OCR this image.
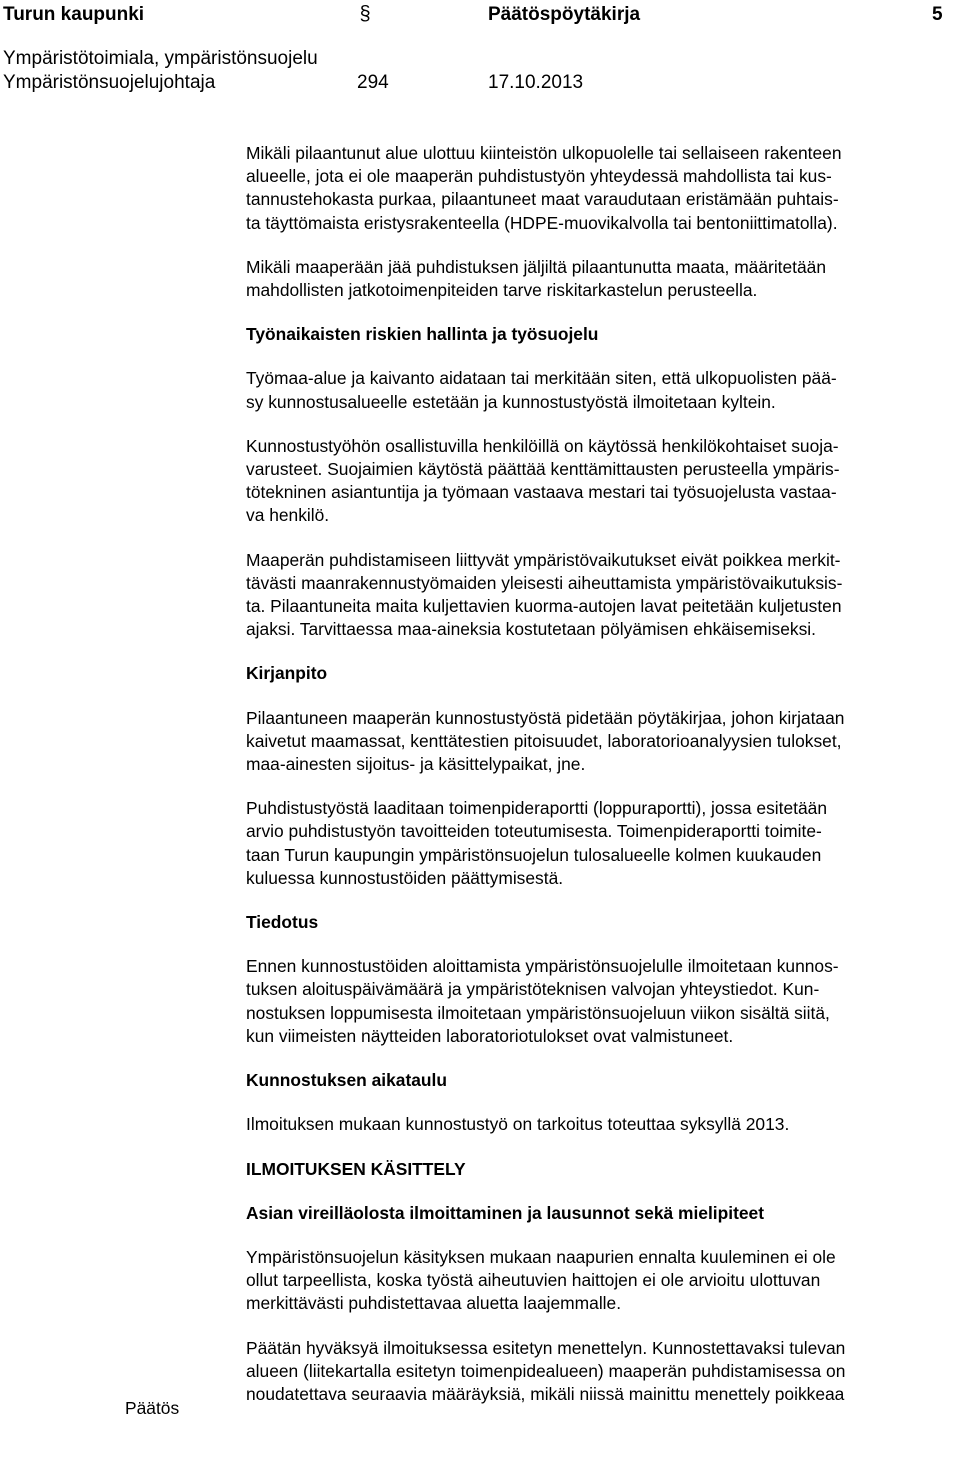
Turun kaupunki	§	Päätöspöytäkirja	5
Ympäristötoimiala, ympäristönsuojelu
Ympäristönsuojelujohtaja	294	17.10.2013

Mikäli pilaantunut alue ulottuu kiinteistön ulkopuolelle tai sellaiseen rakenteen
alueelle, jota ei ole maaperän puhdistustyön yhteydessä mahdollista tai kus-
tannustehokasta purkaa, pilaantuneet maat varaudutaan eristämään puhtais-
ta täyttömaista eristysrakenteella (HDPE-muovikalvolla tai bentoniittimatolla).

Mikäli maaperään jää puhdistuksen jäljiltä pilaantunutta maata, määritetään
mahdollisten jatkotoimenpiteiden tarve riskitarkastelun perusteella.

Työnaikaisten riskien hallinta ja työsuojelu

Työmaa-alue ja kaivanto aidataan tai merkitään siten, että ulkopuolisten pää-
sy kunnostusalueelle estetään ja kunnostustyöstä ilmoitetaan kyltein.

Kunnostustyöhön osallistuvilla henkilöillä on käytössä henkilökohtaiset suoja-
varusteet. Suojaimien käytöstä päättää kenttämittausten perusteella ympäris-
tötekninen asiantuntija ja työmaan vastaava mestari tai työsuojelusta vastaa-
va henkilö.

Maaperän puhdistamiseen liittyvät ympäristövaikutukset eivät poikkea merkit-
tävästi maanrakennustyömaiden yleisesti aiheuttamista ympäristövaikutuksis-
ta. Pilaantuneita maita kuljettavien kuorma-autojen lavat peitetään kuljetusten
ajaksi. Tarvittaessa maa-aineksia kostutetaan pölyämisen ehkäisemiseksi.

Kirjanpito

Pilaantuneen maaperän kunnostustyöstä pidetään pöytäkirjaa, johon kirjataan
kaivetut maamassat, kenttätestien pitoisuudet, laboratorioanalyysien tulokset,
maa-ainesten sijoitus- ja käsittelypaikat, jne.

Puhdistustyöstä laaditaan toimenpideraportti (loppuraportti), jossa esitetään
arvio puhdistustyön tavoitteiden toteutumisesta. Toimenpideraportti toimite-
taan Turun kaupungin ympäristönsuojelun tulosalueelle kolmen kuukauden
kuluessa kunnostustöiden päättymisestä.

Tiedotus

Ennen kunnostustöiden aloittamista ympäristönsuojelulle ilmoitetaan kunnos-
tuksen aloituspäivämäärä ja ympäristöteknisen valvojan yhteystiedot. Kun-
nostuksen loppumisesta ilmoitetaan ympäristönsuojeluun viikon sisältä siitä,
kun viimeisten näytteiden laboratoriotulokset ovat valmistuneet.

Kunnostuksen aikataulu

Ilmoituksen mukaan kunnostustyö on tarkoitus toteuttaa syksyllä 2013.

ILMOITUKSEN KÄSITTELY
Asian vireilläolosta ilmoittaminen ja lausunnot sekä mielipiteet

Ympäristönsuojelun käsityksen mukaan naapurien ennalta kuuleminen ei ole
ollut tarpeellista, koska työstä aiheutuvien haittojen ei ole arvioitu ulottuvan
merkittävästi puhdistettavaa aluetta laajemmalle.

Päätän hyväksyä ilmoituksessa esitetyn menettelyn. Kunnostettavaksi tulevan
alueen (liitekartalla esitetyn toimenpidealueen) maaperän puhdistamisessa on
noudatettava seuraavia määräyksiä, mikäli niissä mainittu menettely poikkeaa

Päätös
